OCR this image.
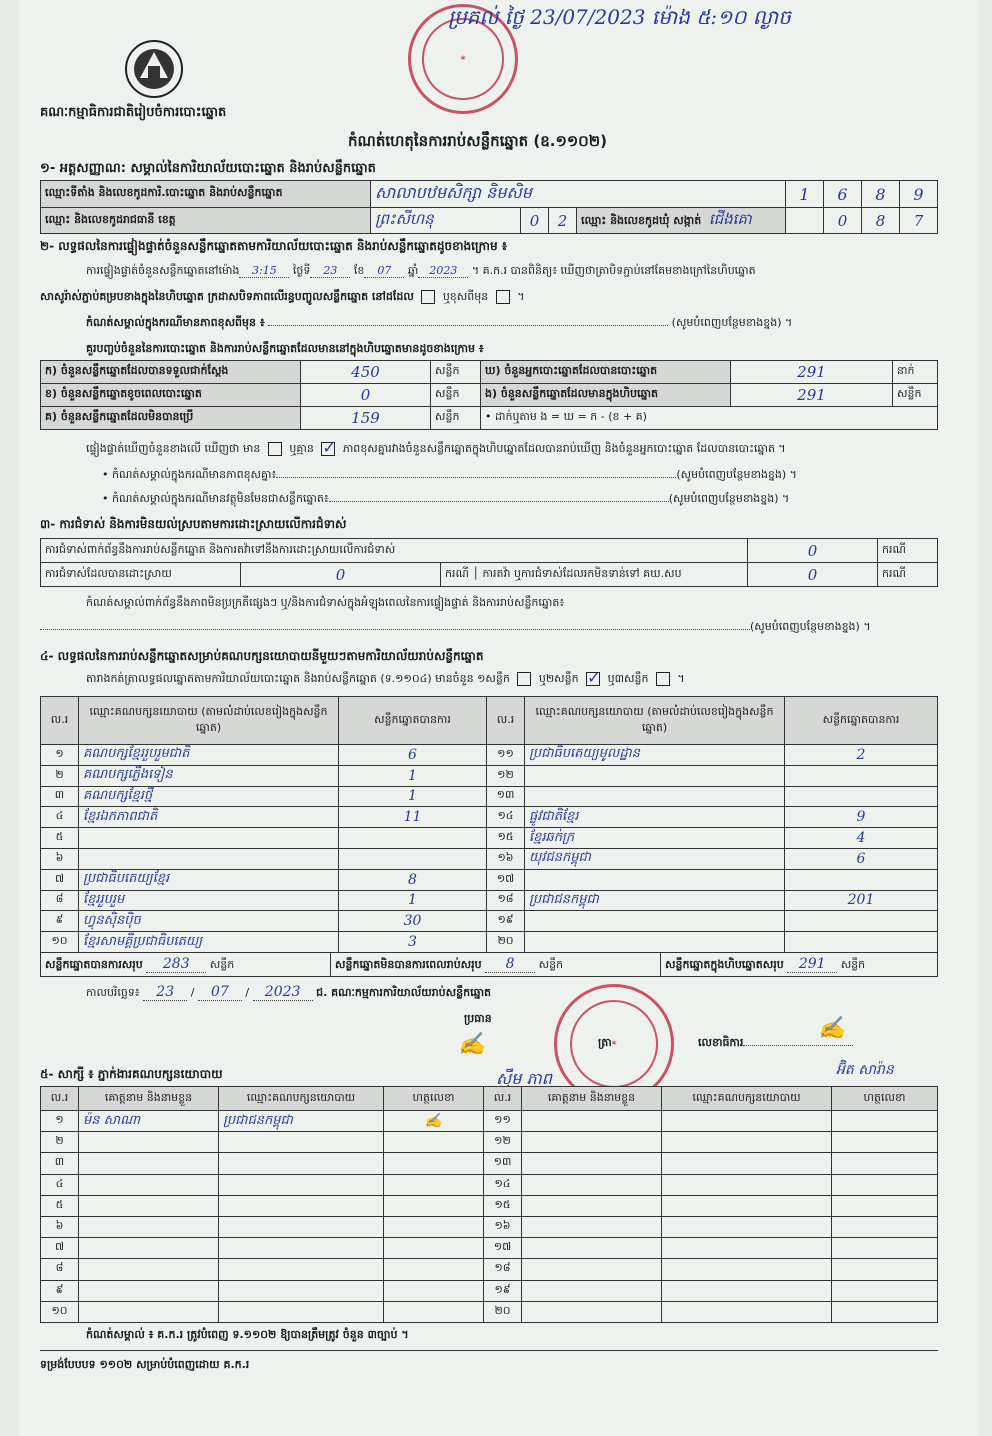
✶
ប្រគល់​​ ថ្ងៃ 23/07/2023 ម៉ោង ៥:១០ ល្ងាច
គណៈកម្មាធិការជាតិរៀបចំការបោះឆ្នោត
កំណត់ហេតុនៃការរាប់សន្លឹកឆ្នោត (ឧ.១១០២)
១- អត្តសញ្ញាណ: សម្គាល់នៃការិយាល័យបោះឆ្នោត និងរាប់សន្លឹកឆ្នោត
ឈ្មោះទីតាំង និងលេខកូដការិ.បោះឆ្នោត និងរាប់សន្លឹកឆ្នោត	សាលាបឋមសិក្សា និមសិម				1	6	8	9
ឈ្មោះ និងលេខកូដរាជធានី ខេត្ត	ព្រះសីហនុ	0	2	ឈ្មោះ និងលេខកូដឃុំ សង្កាត់ ជើងគោ		0	8	7
២- លទ្ធផលនៃការផ្ទៀងផ្ទាត់ចំនួនសន្លឹកឆ្នោតតាមការិយាល័យបោះឆ្នោត និងរាប់សន្លឹកឆ្នោតដូចខាងក្រោម ៖
ការផ្ទៀងផ្ទាត់ចំនួនសន្លឹកឆ្នោតនៅម៉ោង 3:15 ថ្ងៃទី 23 ខែ 07 ឆ្នាំ 2023 ។ គ.ក.រ បានពិនិត្យ៖ ឃើញថាត្រាបិទភ្ជាប់នៅគែមខាងក្រៅនៃហិបឆ្នោត
សាសូរ៉ាស់ភ្ជាប់គម្របខាងក្នុងនៃហិបឆ្នោត ក្រដាសបិទភាពលើរន្ធបញ្ចូលសន្លឹកឆ្នោត នៅដដែល	ឬខុសពីមុន  ។
កំណត់សម្គាល់ក្នុងករណីមានភាពខុសពីមុន ៖	(សូមបំពេញបន្ថែមខាងខ្នង) ។
គួរបញ្ចប់ចំនួននៃការបោះឆ្នោត និងការរាប់សន្លឹកឆ្នោតដែលមាននៅក្នុងហិបឆ្នោតមានដូចខាងក្រោម ៖
ក) ចំនួនសន្លឹកឆ្នោតដែលបានទទួលជាក់ស្តែង	450	សន្លឹក	ឃ) ចំនួនអ្នកបោះឆ្នោតដែលបានបោះឆ្នោត	291	នាក់
ខ) ចំនួនសន្លឹកឆ្នោតខូចពេលបោះឆ្នោត	0	សន្លឹក	ង) ចំនួនសន្លឹកឆ្នោតដែលមានក្នុងហិបឆ្នោត	291	សន្លឹក
គ) ចំនួនសន្លឹកឆ្នោតដែលមិនបានប្រើ	159	សន្លឹក	• ដាក់ឬតាម ង = ឃ = ក - (ខ + គ)		
ផ្ទៀងផ្ទាត់ឃើញចំនួនខាងលើ ឃើញថា មាន	ឬគ្មាន ✓	ភាពខុសគ្នារវាងចំនួនសន្លឹកឆ្នោតក្នុងហិបឆ្នោតដែលបានរាប់ឃើញ និងចំនួនអ្នកបោះឆ្នោត ដែលបានបោះឆ្នោត ។
• កំណត់សម្គាល់ក្នុងករណីមានភាពខុសគ្នា៖	(សូមបំពេញបន្ថែមខាងខ្នង) ។
• កំណត់សម្គាល់ក្នុងករណីមានវត្ថុមិនមែនជាសន្លឹកឆ្នោត៖	(សូមបំពេញបន្ថែមខាងខ្នង) ។
៣- ការជំទាស់ និងការមិនយល់ស្របតាមការដោះស្រាយលើការជំទាស់
ការជំទាស់ពាក់ព័ន្ធនឹងការរាប់សន្លឹកឆ្នោត និងការតវ៉ាទៅនឹងការដោះស្រាយលើការជំទាស់			0	ករណី
ការជំទាស់ដែលបានដោះស្រាយ	0	ករណី │ ការតវ៉ា ឬការជំទាស់ដែលរកមិនទាន់ទៅ គឃ.សប	0	ករណី
កំណត់សម្គាល់ពាក់ព័ន្ធនឹងភាពមិនប្រក្រតីផ្សេងៗ ឬ/និងការជំទាស់ក្នុងអំឡុងពេលនៃការផ្ទៀងផ្ទាត់ និងការរាប់សន្លឹកឆ្នោត៖
(សូមបំពេញបន្ថែមខាងខ្នង) ។
៤- លទ្ធផលនៃការរាប់សន្លឹកឆ្នោតសម្រាប់គណបក្សនយោបាយនីមួយៗតាមការិយាល័យរាប់សន្លឹកឆ្នោត
តារាងកត់ត្រាលទ្ធផលឆ្នោតតាមការិយាល័យបោះឆ្នោត និងរាប់សន្លឹកឆ្នោត (ទ.១១០៤) មានចំនួន ១សន្លឹក	ឬ២សន្លឹក ✓	ឬ៣សន្លឹក  ។
ល.រ	ឈ្មោះគណបក្សនយោបាយ (តាមលំដាប់លេខរៀងក្នុងសន្លឹកឆ្នោត)	សន្លឹកឆ្នោតបានការ	ល.រ	ឈ្មោះគណបក្សនយោបាយ (តាមលំដាប់លេខរៀងក្នុងសន្លឹកឆ្នោត)	សន្លឹកឆ្នោតបានការ
១	គណបក្សខ្មែររួបរួមជាតិ	6	១១	ប្រជាធិបតេយ្យមូលដ្ឋាន	2
២	គណបក្សភ្លើងទៀន	1	១២		
៣	គណបក្សខ្មែរថ្មី	1	១៣		
៤	ខ្មែរឯកភាពជាតិ	11	១៤	ផ្លូវជាតិខ្មែរ	9
៥			១៥	ខ្មែរឆក់ក្រ	4
៦			១៦	យុវជនកម្ពុជា	6
៧	ប្រជាធិបតេយ្យខ្មែរ	8	១៧		
៨	ខ្មែររួបរួម	1	១៨	ប្រជាជនកម្ពុជា	201
៩	ហ្វុនស៊ិនប៉ិច	30	១៩		
១០	ខ្មែរសាមគ្គីប្រជាធិបតេយ្យ	3	២០		
សន្លឹកឆ្នោតបានការសរុប 283 សន្លឹក	សន្លឹកឆ្នោតមិនបានការពេលរាប់សរុប 8 សន្លឹក	សន្លឹកឆ្នោតក្នុងហិបឆ្នោតសរុប 291 សន្លឹក
កាលបរិច្ឆេទ៖ 23 / 07 / 2023 ជ. គណៈកម្មការការិយាល័យរាប់សន្លឹកឆ្នោត
✶
ប្រធាន
ត្រា	លេខាធិការ
✍
✍
ស៊ឹម ភាព	អ៊ិត សារ៉ាន
៥- សាក្សី ៖ ភ្នាក់ងារគណបក្សនយោបាយ
ល.រ	គោត្តនាម និងនាមខ្លួន	ឈ្មោះគណបក្សនយោបាយ	ហត្ថលេខា	ល.រ	គោត្តនាម និងនាមខ្លួន	ឈ្មោះគណបក្សនយោបាយ	ហត្ថលេខា
១	ម៉ន សាណា	ប្រជាជនកម្ពុជា	✍	១១			
២				១២			
៣				១៣			
៤				១៤			
៥				១៥			
៦				១៦			
៧				១៧			
៨				១៨			
៩				១៩			
១០				២០			
កំណត់សម្គាល់ ៖ គ.ក.រ ត្រូវបំពេញ ទ.១១០២ ឱ្យបានត្រឹមត្រូវ ចំនួន ៣ច្បាប់ ។
ទម្រង់បែបបទ ១១០២ សម្រាប់បំពេញដោយ គ.ក.រ
